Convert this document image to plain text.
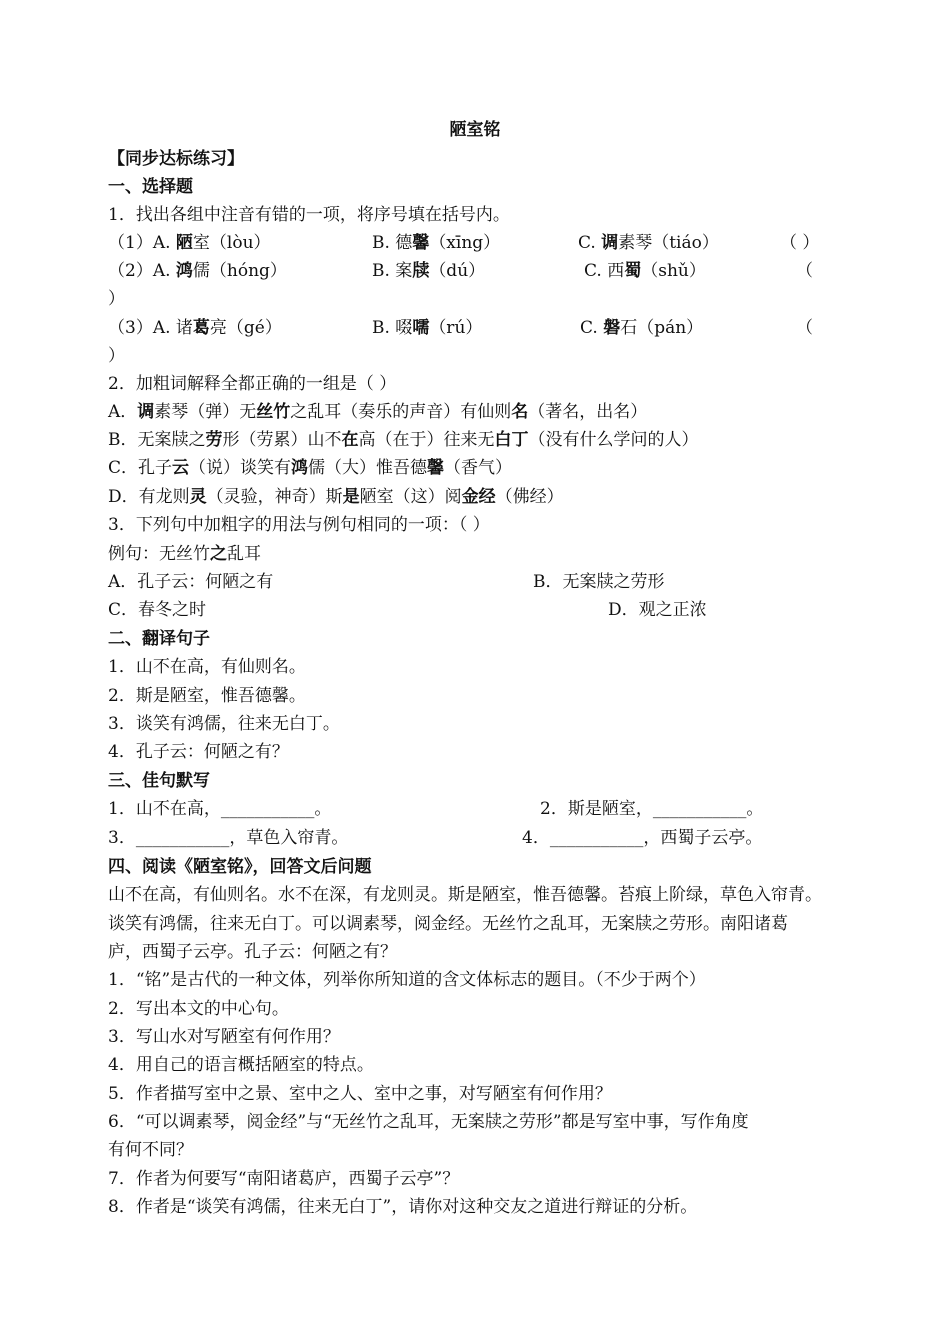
陋室铭
【同步达标练习】
一、选择题
1．找出各组中注音有错的一项，将序号填在括号内。
（1）A. 陋室（lòu）	B. 德馨（xīng）	C. 调素琴（tiáo）	（ ）
（2）A. 鸿儒（hóng）	B. 案牍（dú）	C. 西蜀（shǔ）	（
）
（3）A. 诸葛亮（gé）	B. 啜嚅（rú）	C. 磐石（pán）	（
）
2．加粗词解释全都正确的一组是（ ）
A．调素琴（弹）无丝竹之乱耳（奏乐的声音）有仙则名（著名，出名）
B．无案牍之劳形（劳累）山不在高（在于）往来无白丁（没有什么学问的人）
C．孔子云（说）谈笑有鸿儒（大）惟吾德馨（香气）
D．有龙则灵（灵验，神奇）斯是陋室（这）阅金经（佛经）
3．下列句中加粗字的用法与例句相同的一项：（ ）
例句：无丝竹之乱耳
A．孔子云：何陋之有	B．无案牍之劳形
C．春冬之时	D．观之正浓
二、翻译句子
1．山不在高，有仙则名。
2．斯是陋室，惟吾德馨。
3．谈笑有鸿儒，往来无白丁。
4．孔子云：何陋之有？
三、佳句默写
1．山不在高，___________。	2．斯是陋室，___________。
3．___________，草色入帘青。	4．___________，西蜀子云亭。
四、阅读《陋室铭》，回答文后问题
山不在高，有仙则名。水不在深，有龙则灵。斯是陋室，惟吾德馨。苔痕上阶绿，草色入帘青。
谈笑有鸿儒，往来无白丁。可以调素琴，阅金经。无丝竹之乱耳，无案牍之劳形。南阳诸葛
庐，西蜀子云亭。孔子云：何陋之有？
1．“铭”是古代的一种文体，列举你所知道的含文体标志的题目。（不少于两个）
2．写出本文的中心句。
3．写山水对写陋室有何作用？
4．用自己的语言概括陋室的特点。
5．作者描写室中之景、室中之人、室中之事，对写陋室有何作用？
6．“可以调素琴，阅金经”与“无丝竹之乱耳，无案牍之劳形”都是写室中事，写作角度
有何不同？
7．作者为何要写“南阳诸葛庐，西蜀子云亭”？
8．作者是“谈笑有鸿儒，往来无白丁”，请你对这种交友之道进行辩证的分析。
